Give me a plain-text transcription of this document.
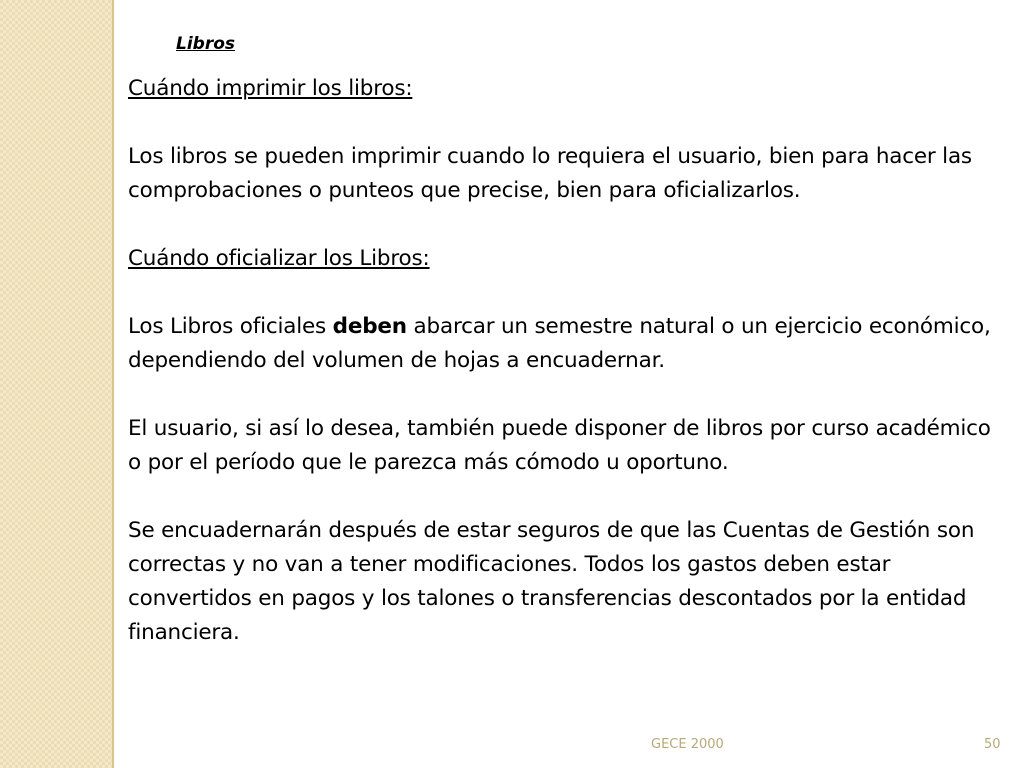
Libros

Cuándo imprimir los libros:

Los libros se pueden imprimir cuando lo requiera el usuario, bien para hacer las comprobaciones o punteos que precise, bien para oficializarlos.

Cuándo oficializar los Libros:

Los Libros oficiales deben abarcar un semestre natural o un ejercicio económico, dependiendo del volumen de hojas a encuadernar.

El usuario, si así lo desea, también puede disponer de libros por curso académico o por el período que le parezca más cómodo u oportuno.

Se encuadernarán después de estar seguros de que las Cuentas de Gestión son correctas y no van a tener modificaciones. Todos los gastos deben estar convertidos en pagos y los talones o transferencias descontados por la entidad financiera.

GECE 2000	50
